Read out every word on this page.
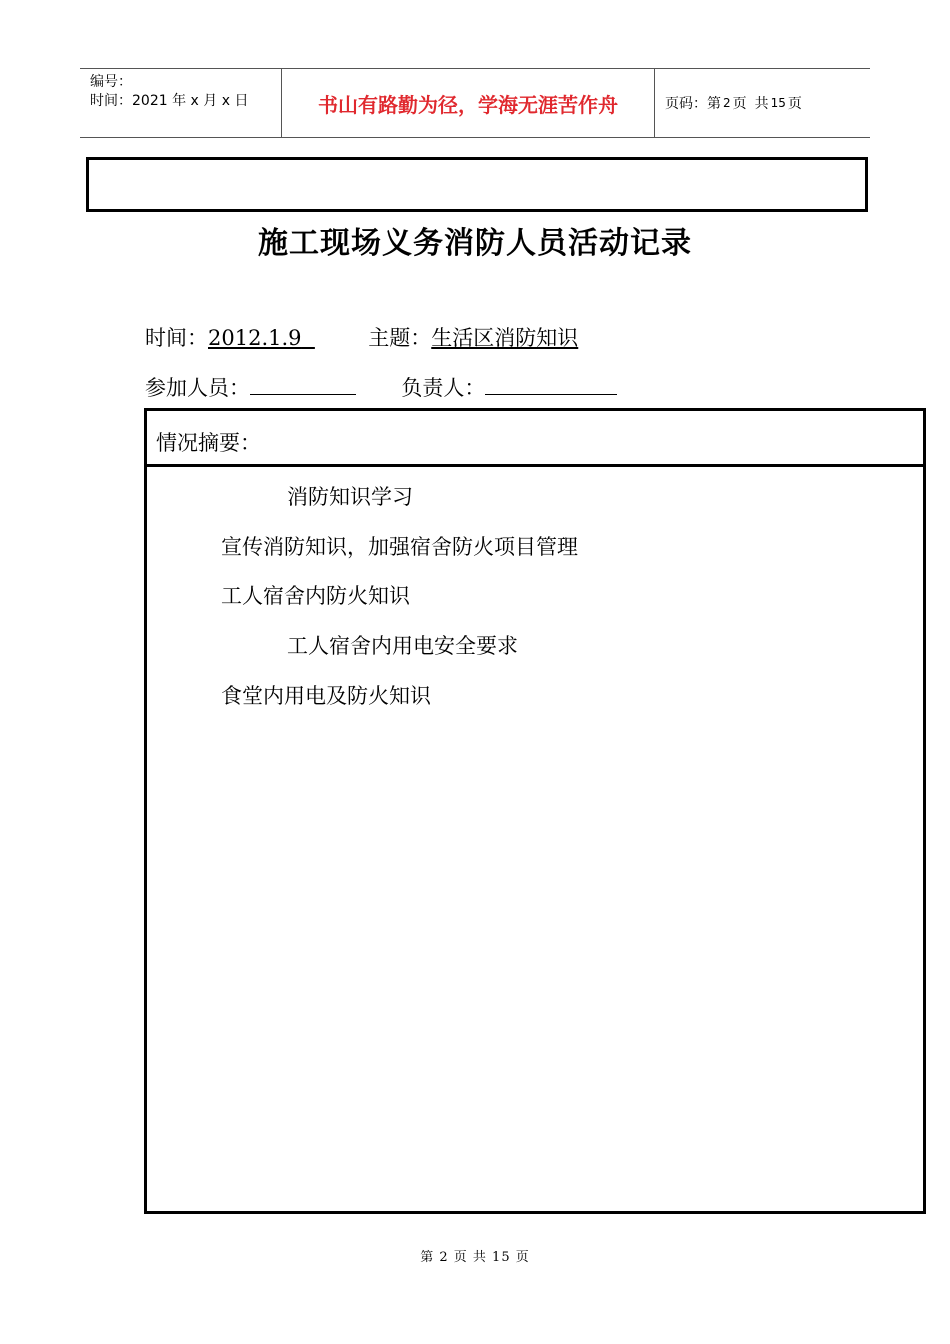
编号：
时间：2021 年 x 月 x 日	书山有路勤为径，学海无涯苦作舟	页码：第 2 页 共 15 页
施工现场义务消防人员活动记录
时间：2012.1.9	主题：生活区消防知识
参加人员：	负责人：
情况摘要：
消防知识学习
宣传消防知识，加强宿舍防火项目管理
工人宿舍内防火知识
工人宿舍内用电安全要求
食堂内用电及防火知识
第 2 页 共 15 页
